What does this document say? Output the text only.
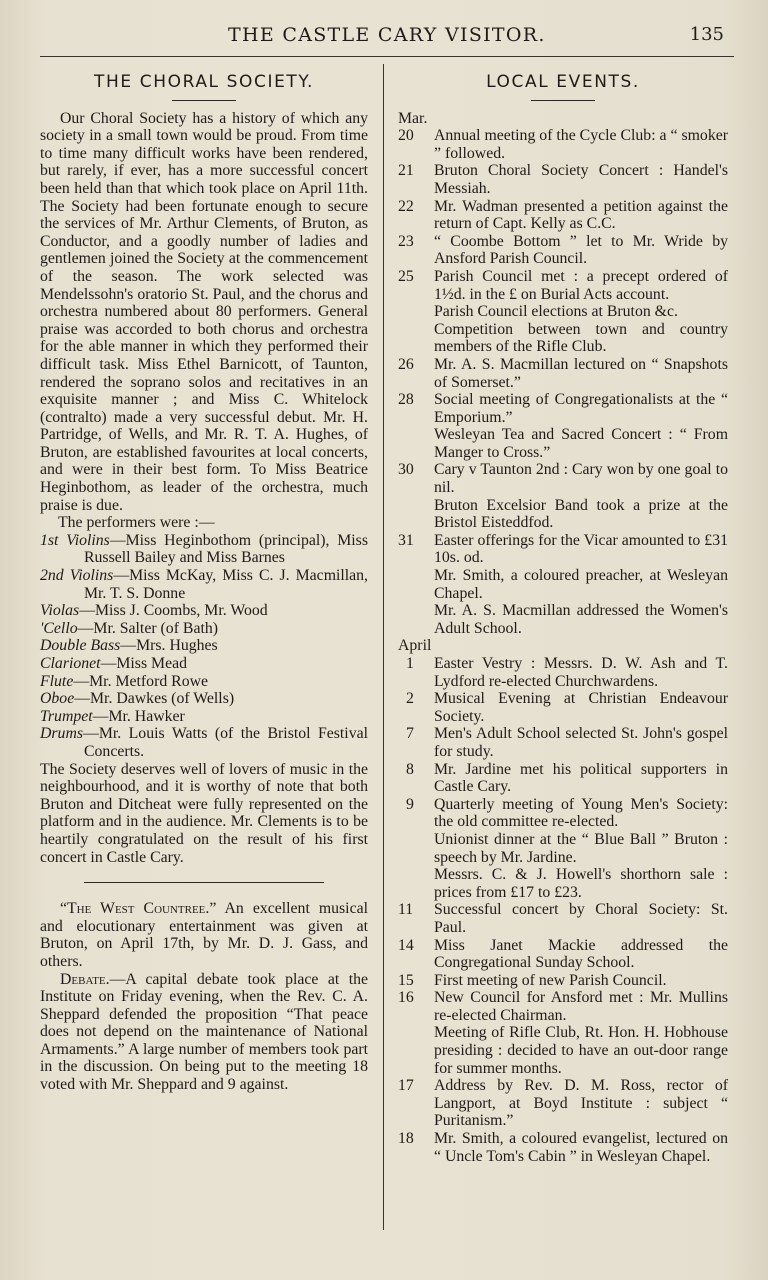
THE CASTLE CARY VISITOR.	135
THE CHORAL SOCIETY.

Our Choral Society has a history of which any society in a small town would be proud. From time to time many difficult works have been rendered, but rarely, if ever, has a more successful concert been held than that which took place on April 11th. The Society had been fortunate enough to secure the services of Mr. Arthur Clements, of Bruton, as Conductor, and a goodly number of ladies and gentlemen joined the Society at the commencement of the season. The work selected was Mendelssohn's oratorio St. Paul, and the chorus and orchestra numbered about 80 performers. General praise was accorded to both chorus and orchestra for the able manner in which they performed their difficult task. Miss Ethel Barnicott, of Taunton, rendered the soprano solos and recitatives in an exquisite manner ; and Miss C. Whitelock (contralto) made a very successful debut. Mr. H. Partridge, of Wells, and Mr. R. T. A. Hughes, of Bruton, are established favourites at local concerts, and were in their best form. To Miss Beatrice Heginbothom, as leader of the orchestra, much praise is due.

The performers were :—
1st Violins—Miss Heginbothom (principal), Miss Russell Bailey and Miss Barnes
2nd Violins—Miss McKay, Miss C. J. Macmillan, Mr. T. S. Donne
Violas—Miss J. Coombs, Mr. Wood
'Cello—Mr. Salter (of Bath)
Double Bass—Mrs. Hughes
Clarionet—Miss Mead
Flute—Mr. Metford Rowe
Oboe—Mr. Dawkes (of Wells)
Trumpet—Mr. Hawker
Drums—Mr. Louis Watts (of the Bristol Festival Concerts.

The Society deserves well of lovers of music in the neighbourhood, and it is worthy of note that both Bruton and Ditcheat were fully represented on the platform and in the audience. Mr. Clements is to be heartily congratulated on the result of his first concert in Castle Cary.

“The West Countree.” An excellent musical and elocutionary entertainment was given at Bruton, on April 17th, by Mr. D. J. Gass, and others.

Debate.—A capital debate took place at the Institute on Friday evening, when the Rev. C. A. Sheppard defended the proposition “That peace does not depend on the maintenance of National Armaments.” A large number of members took part in the discussion. On being put to the meeting 18 voted with Mr. Sheppard and 9 against.

LOCAL EVENTS.
Mar.
20	Annual meeting of the Cycle Club: a “ smoker ” followed.
21	Bruton Choral Society Concert : Handel's Messiah.
22	Mr. Wadman presented a petition against the return of Capt. Kelly as C.C.
23	“ Coombe Bottom ” let to Mr. Wride by Ansford Parish Council.
25	Parish Council met : a precept ordered of 1½d. in the £ on Burial Acts account.
Parish Council elections at Bruton &c.
Competition between town and country members of the Rifle Club.
26	Mr. A. S. Macmillan lectured on “ Snapshots of Somerset.”
28	Social meeting of Congregationalists at the “ Emporium.”
Wesleyan Tea and Sacred Concert : “ From Manger to Cross.”
30	Cary v Taunton 2nd : Cary won by one goal to nil.
Bruton Excelsior Band took a prize at the Bristol Eisteddfod.
31	Easter offerings for the Vicar amounted to £31 10s. od.
Mr. Smith, a coloured preacher, at Wesleyan Chapel.
Mr. A. S. Macmillan addressed the Women's Adult School.
April
1	Easter Vestry : Messrs. D. W. Ash and T. Lydford re-elected Churchwardens.
2	Musical Evening at Christian Endeavour Society.
7	Men's Adult School selected St. John's gospel for study.
8	Mr. Jardine met his political supporters in Castle Cary.
9	Quarterly meeting of Young Men's Society: the old committee re-elected.
Unionist dinner at the “ Blue Ball ” Bruton : speech by Mr. Jardine.
Messrs. C. & J. Howell's shorthorn sale : prices from £17 to £23.
11	Successful concert by Choral Society: St. Paul.
14	Miss Janet Mackie addressed the Congregational Sunday School.
15	First meeting of new Parish Council.
16	New Council for Ansford met : Mr. Mullins re-elected Chairman.
Meeting of Rifle Club, Rt. Hon. H. Hobhouse presiding : decided to have an out-door range for summer months.
17	Address by Rev. D. M. Ross, rector of Langport, at Boyd Institute : subject “ Puritanism.”
18	Mr. Smith, a coloured evangelist, lectured on “ Uncle Tom's Cabin ” in Wesleyan Chapel.
